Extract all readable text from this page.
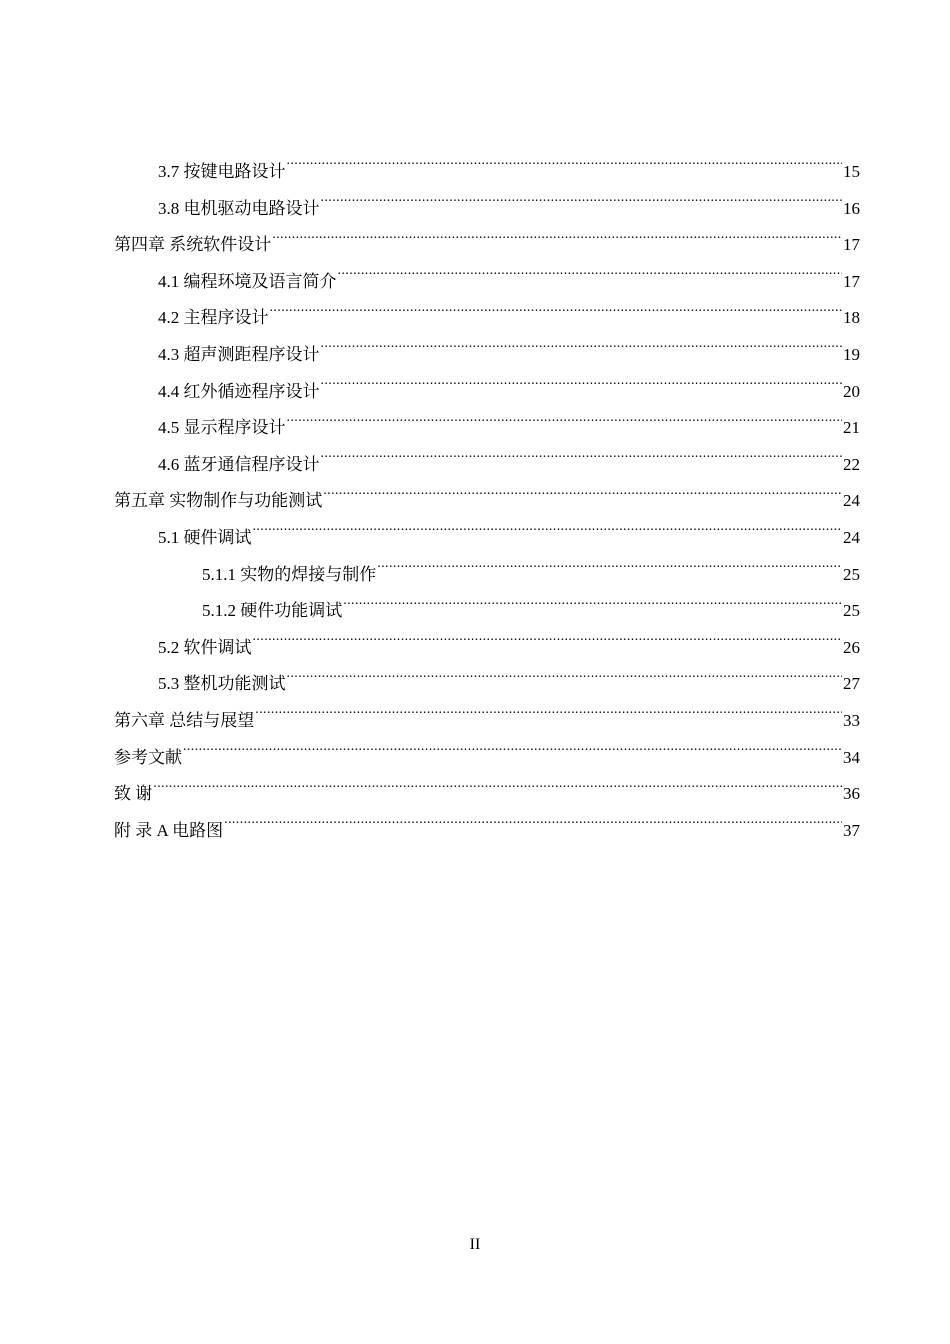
3.7 按键电路设计 .....	15
3.8 电机驱动电路设计 .....	16
第四章 系统软件设计 .....	17
4.1 编程环境及语言简介 .....	17
4.2 主程序设计 .....	18
4.3 超声测距程序设计 .....	19
4.4 红外循迹程序设计 .....	20
4.5 显示程序设计 .....	21
4.6 蓝牙通信程序设计 .....	22
第五章 实物制作与功能测试 .....	24
5.1 硬件调试 .....	24
5.1.1 实物的焊接与制作 .....	25
5.1.2 硬件功能调试 .....	25
5.2 软件调试 .....	26
5.3 整机功能测试 .....	27
第六章 总结与展望 .....	33
参考文献 .....	34
致 谢 .....	36
附 录 A 电路图 .....	37
II
